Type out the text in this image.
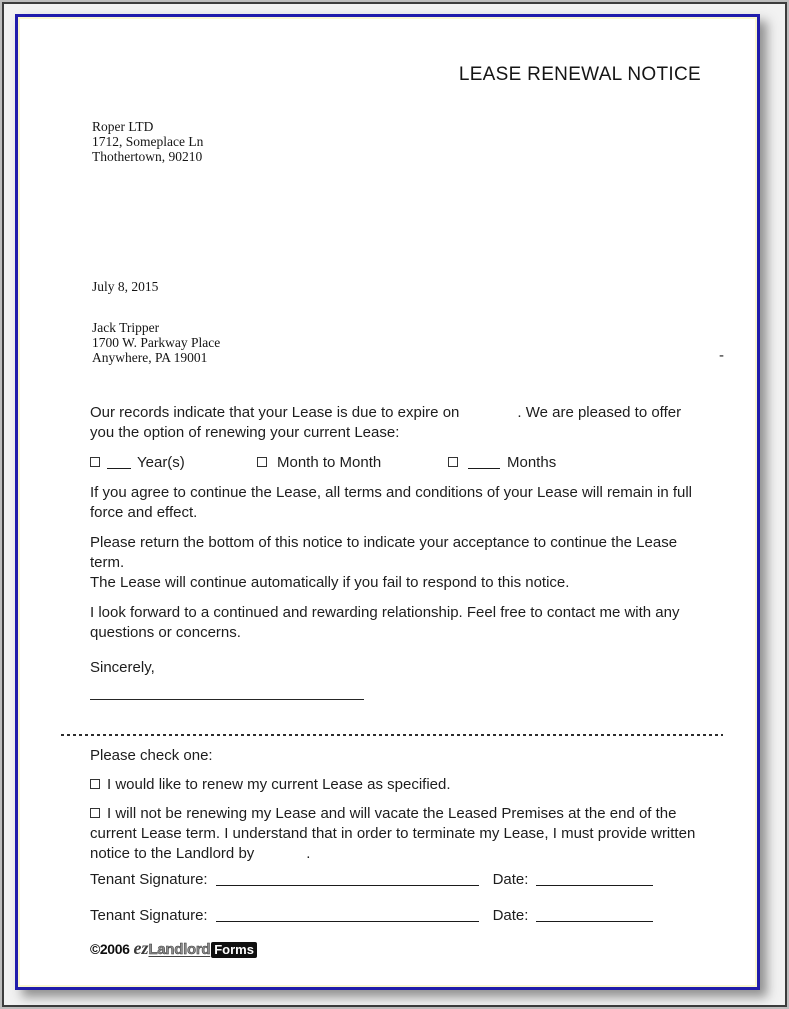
LEASE RENEWAL NOTICE
Roper LTD
1712, Someplace Ln
Thothertown, 90210
July 8, 2015
Jack Tripper
1700 W. Parkway Place
Anywhere, PA 19001	-

Our records indicate that your Lease is due to expire on	. We are pleased to offer
you the option of renewing your current Lease:

Year(s)	Month to Month	Months

If you agree to continue the Lease, all terms and conditions of your Lease will remain in full
force and effect.

Please return the bottom of this notice to indicate your acceptance to continue the Lease term.
The Lease will continue automatically if you fail to respond to this notice.

I look forward to a continued and rewarding relationship. Feel free to contact me with any
questions or concerns.

Sincerely,

Please check one:

I would like to renew my current Lease as specified.

I will not be renewing my Lease and will vacate the Leased Premises at the end of the
current Lease term. I understand that in order to terminate my Lease, I must provide written
notice to the Landlord by	.

Tenant Signature:	Date:
Tenant Signature:	Date:
©2006 ez Landlord Forms
